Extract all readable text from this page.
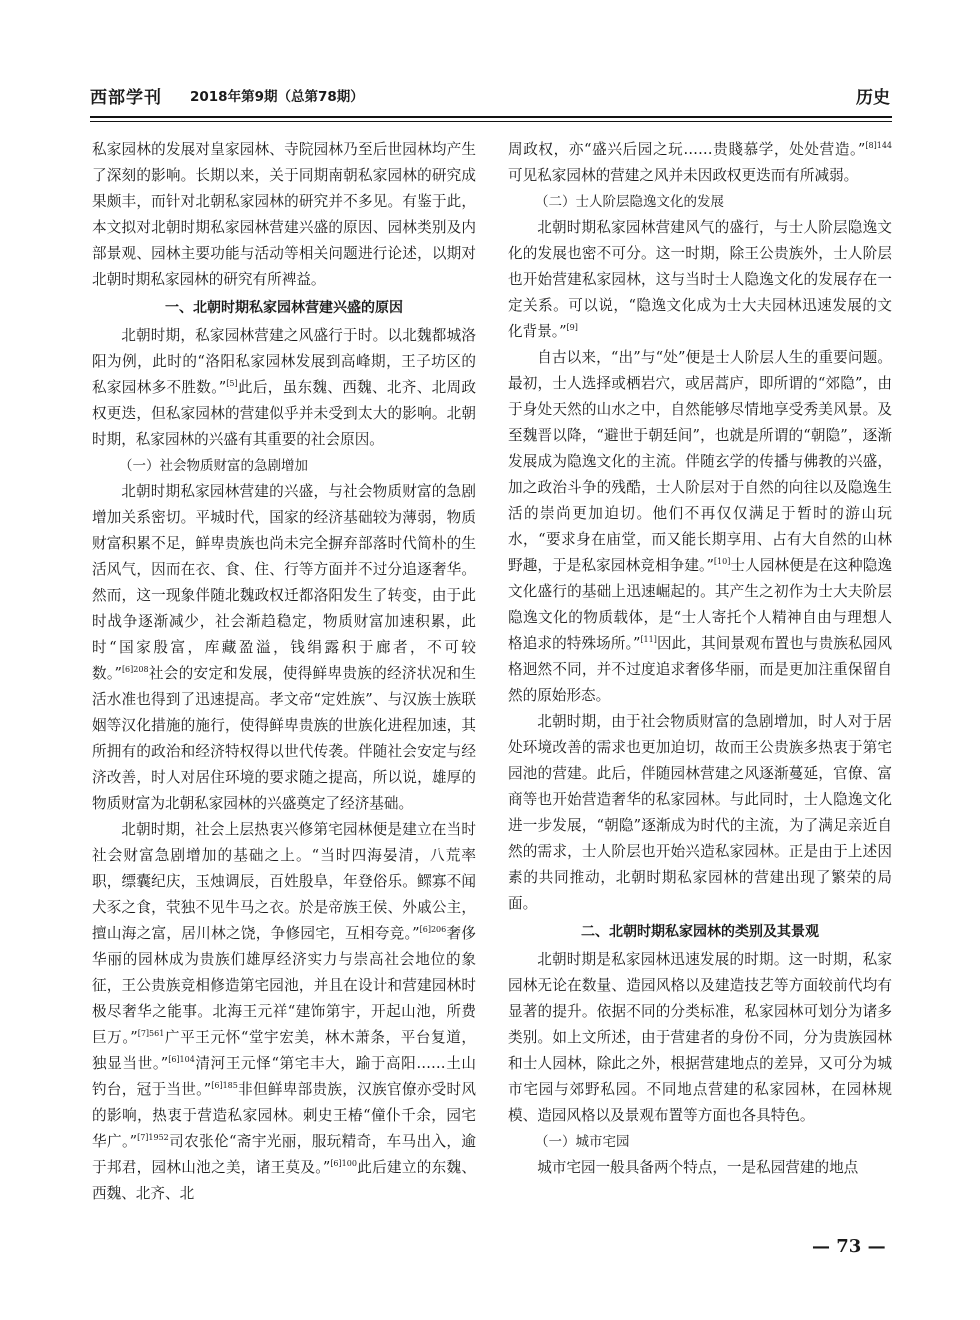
西部学刊 2018年第9期（总第78期）	历史

私家园林的发展对皇家园林、寺院园林乃至后世园林均产生了深刻的影响。长期以来，关于同期南朝私家园林的研究成果颇丰，而针对北朝私家园林的研究并不多见。有鉴于此，本文拟对北朝时期私家园林营建兴盛的原因、园林类别及内部景观、园林主要功能与活动等相关问题进行论述，以期对北朝时期私家园林的研究有所裨益。

一、北朝时期私家园林营建兴盛的原因

北朝时期，私家园林营建之风盛行于时。以北魏都城洛阳为例，此时的“洛阳私家园林发展到高峰期，王子坊区的私家园林多不胜数。”[5]此后，虽东魏、西魏、北齐、北周政权更迭，但私家园林的营建似乎并未受到太大的影响。北朝时期，私家园林的兴盛有其重要的社会原因。

（一）社会物质财富的急剧增加

北朝时期私家园林营建的兴盛，与社会物质财富的急剧增加关系密切。平城时代，国家的经济基础较为薄弱，物质财富积累不足，鲜卑贵族也尚未完全摒弃部落时代简朴的生活风气，因而在衣、食、住、行等方面并不过分追逐奢华。然而，这一现象伴随北魏政权迁都洛阳发生了转变，由于此时战争逐渐减少，社会渐趋稳定，物质财富加速积累，此时“国家殷富，库藏盈溢，钱绢露积于廊者，不可较数。”$^{[6]208}$社会的安定和发展，使得鲜卑贵族的经济状况和生活水准也得到了迅速提高。孝文帝“定姓族”、与汉族士族联姻等汉化措施的施行，使得鲜卑贵族的世族化进程加速，其所拥有的政治和经济特权得以世代传袭。伴随社会安定与经济改善，时人对居住环境的要求随之提高，所以说，雄厚的物质财富为北朝私家园林的兴盛奠定了经济基础。

北朝时期，社会上层热衷兴修第宅园林便是建立在当时社会财富急剧增加的基础之上。“当时四海晏清，八荒率职，缥囊纪庆，玉烛调辰，百姓殷阜，年登俗乐。鳏寡不闻犬豕之食，茕独不见牛马之衣。於是帝族王侯、外戚公主，擅山海之富，居川林之饶，争修园宅，互相夸竞。”$^{[6]206}$奢侈华丽的园林成为贵族们雄厚经济实力与崇高社会地位的象征，王公贵族竞相修造第宅园池，并且在设计和营建园林时极尽奢华之能事。北海王元祥“建饰第宇，开起山池，所费巨万。”$^{[7]561}$广平王元怀“堂宇宏美，林木萧条，平台复道，独显当世。”$^{[6]104}$清河王元怿“第宅丰大，踰于高阳……土山钓台，冠于当世。”$^{[6]185}$非但鲜卑部贵族，汉族官僚亦受时风的影响，热衷于营造私家园林。刺史王椿“僮仆千余，园宅华广。”$^{[7]1952}$司农张伦“斋宇光丽，服玩精奇，车马出入，逾于邦君，园林山池之美，诸王莫及。”$^{[6]100}$此后建立的东魏、西魏、北齐、北

周政权，亦“盛兴后园之玩……贵賤慕学，处处营造。”$^{[8]144}$可见私家园林的营建之风并未因政权更迭而有所减弱。

（二）士人阶层隐逸文化的发展

北朝时期私家园林营建风气的盛行，与士人阶层隐逸文化的发展也密不可分。这一时期，除王公贵族外，士人阶层也开始营建私家园林，这与当时士人隐逸文化的发展存在一定关系。可以说，“隐逸文化成为士大夫园林迅速发展的文化背景。”[9]

自古以来，“出”与“处”便是士人阶层人生的重要问题。最初，士人选择或栖岩穴，或居蒿庐，即所谓的“郊隐”，由于身处天然的山水之中，自然能够尽情地享受秀美风景。及至魏晋以降，“避世于朝廷间”，也就是所谓的“朝隐”，逐渐发展成为隐逸文化的主流。伴随玄学的传播与佛教的兴盛，加之政治斗争的残酷，士人阶层对于自然的向往以及隐逸生活的崇尚更加迫切。他们不再仅仅满足于暂时的游山玩水，“要求身在庙堂，而又能长期享用、占有大自然的山林野趣，于是私家园林竞相争建。”[10]士人园林便是在这种隐逸文化盛行的基础上迅速崛起的。其产生之初作为士大夫阶层隐逸文化的物质载体，是“士人寄托个人精神自由与理想人格追求的特殊场所。”[11]因此，其间景观布置也与贵族私园风格迥然不同，并不过度追求奢侈华丽，而是更加注重保留自然的原始形态。

北朝时期，由于社会物质财富的急剧增加，时人对于居处环境改善的需求也更加迫切，故而王公贵族多热衷于第宅园池的营建。此后，伴随园林营建之风逐渐蔓延，官僚、富商等也开始营造奢华的私家园林。与此同时，士人隐逸文化进一步发展，“朝隐”逐渐成为时代的主流，为了满足亲近自然的需求，士人阶层也开始兴造私家园林。正是由于上述因素的共同推动，北朝时期私家园林的营建出现了繁荣的局面。

二、北朝时期私家园林的类别及其景观

北朝时期是私家园林迅速发展的时期。这一时期，私家园林无论在数量、造园风格以及建造技艺等方面较前代均有显著的提升。依据不同的分类标准，私家园林可划分为诸多类别。如上文所述，由于营建者的身份不同，分为贵族园林和士人园林，除此之外，根据营建地点的差异，又可分为城市宅园与郊野私园。不同地点营建的私家园林，在园林规模、造园风格以及景观布置等方面也各具特色。

（一）城市宅园

城市宅园一般具备两个特点，一是私园营建的地点

— 73 —
